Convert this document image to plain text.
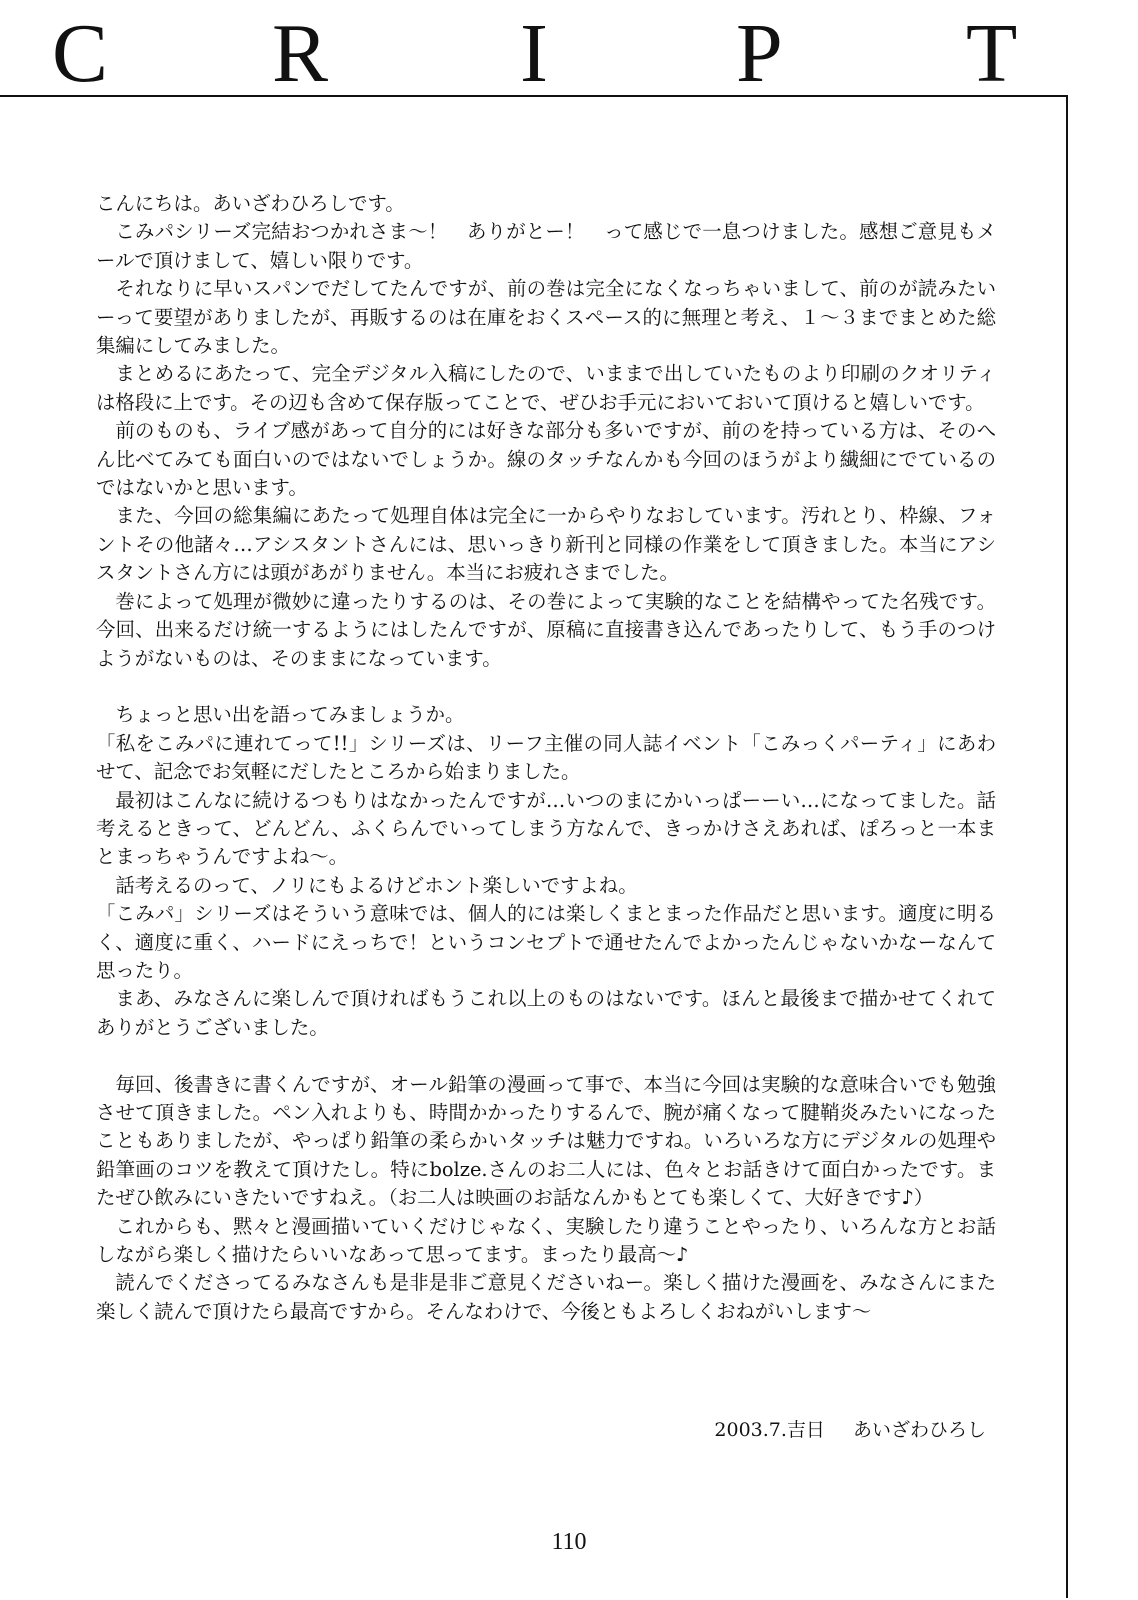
C R I P T

こんにちは。あいざわひろしです。

こみパシリーズ完結おつかれさま〜！　ありがとー！　って感じで一息つけました。感想ご意見もメールで頂けまして、嬉しい限りです。

それなりに早いスパンでだしてたんですが、前の巻は完全になくなっちゃいまして、前のが読みたいーって要望がありましたが、再販するのは在庫をおくスペース的に無理と考え、１〜３までまとめた総集編にしてみました。

まとめるにあたって、完全デジタル入稿にしたので、いままで出していたものより印刷のクオリティは格段に上です。その辺も含めて保存版ってことで、ぜひお手元においておいて頂けると嬉しいです。

前のものも、ライブ感があって自分的には好きな部分も多いですが、前のを持っている方は、そのへん比べてみても面白いのではないでしょうか。線のタッチなんかも今回のほうがより繊細にでているのではないかと思います。

また、今回の総集編にあたって処理自体は完全に一からやりなおしています。汚れとり、枠線、フォントその他諸々…アシスタントさんには、思いっきり新刊と同様の作業をして頂きました。本当にアシスタントさん方には頭があがりません。本当にお疲れさまでした。

巻によって処理が微妙に違ったりするのは、その巻によって実験的なことを結構やってた名残です。今回、出来るだけ統一するようにはしたんですが、原稿に直接書き込んであったりして、もう手のつけようがないものは、そのままになっています。

ちょっと思い出を語ってみましょうか。

「私をこみパに連れてって!!」シリーズは、リーフ主催の同人誌イベント「こみっくパーティ」にあわせて、記念でお気軽にだしたところから始まりました。

最初はこんなに続けるつもりはなかったんですが…いつのまにかいっぱーーい…になってました。話考えるときって、どんどん、ふくらんでいってしまう方なんで、きっかけさえあれば、ぽろっと一本まとまっちゃうんですよね〜。

話考えるのって、ノリにもよるけどホント楽しいですよね。

「こみパ」シリーズはそういう意味では、個人的には楽しくまとまった作品だと思います。適度に明るく、適度に重く、ハードにえっちで！というコンセプトで通せたんでよかったんじゃないかなーなんて思ったり。

まあ、みなさんに楽しんで頂ければもうこれ以上のものはないです。ほんと最後まで描かせてくれてありがとうございました。

毎回、後書きに書くんですが、オール鉛筆の漫画って事で、本当に今回は実験的な意味合いでも勉強させて頂きました。ペン入れよりも、時間かかったりするんで、腕が痛くなって腱鞘炎みたいになったこともありましたが、やっぱり鉛筆の柔らかいタッチは魅力ですね。いろいろな方にデジタルの処理や鉛筆画のコツを教えて頂けたし。特にbolze.さんのお二人には、色々とお話きけて面白かったです。またぜひ飲みにいきたいですねえ。（お二人は映画のお話なんかもとても楽しくて、大好きです♪）

これからも、黙々と漫画描いていくだけじゃなく、実験したり違うことやったり、いろんな方とお話しながら楽しく描けたらいいなあって思ってます。まったり最高〜♪

読んでくださってるみなさんも是非是非ご意見くださいねー。楽しく描けた漫画を、みなさんにまた楽しく読んで頂けたら最高ですから。そんなわけで、今後ともよろしくおねがいします〜

2003.7.吉日 あいざわひろし
110
